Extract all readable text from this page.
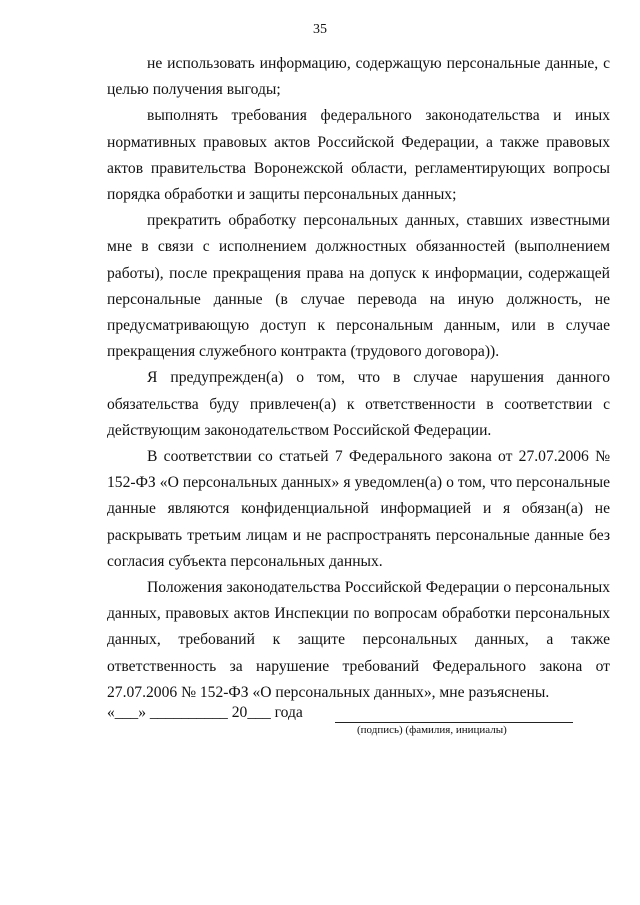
35

не использовать информацию, содержащую персональные данные, с целью получения выгоды;

выполнять требования федерального законодательства и иных нормативных правовых актов Российской Федерации, а также правовых актов правительства Воронежской области, регламентирующих вопросы порядка обработки и защиты персональных данных;

прекратить обработку персональных данных, ставших известными мне в связи с исполнением должностных обязанностей (выполнением работы), после прекращения права на допуск к информации, содержащей персональные данные (в случае перевода на иную должность, не предусматривающую доступ к персональным данным, или в случае прекращения служебного контракта (трудового договора)).

Я предупрежден(а) о том, что в случае нарушения данного обязательства буду привлечен(а) к ответственности в соответствии с действующим законодательством Российской Федерации.

В соответствии со статьей 7 Федерального закона от 27.07.2006 № 152-ФЗ «О персональных данных» я уведомлен(а) о том, что персональные данные являются конфиденциальной информацией и я обязан(а) не раскрывать третьим лицам и не распространять персональные данные без согласия субъекта персональных данных.

Положения законодательства Российской Федерации о персональных данных, правовых актов Инспекции по вопросам обработки персональных данных, требований к защите персональных данных, а также ответственность за нарушение требований Федерального закона от 27.07.2006 № 152-ФЗ «О персональных данных», мне разъяснены.

«___» __________ 20___ года
(подпись) (фамилия, инициалы)
